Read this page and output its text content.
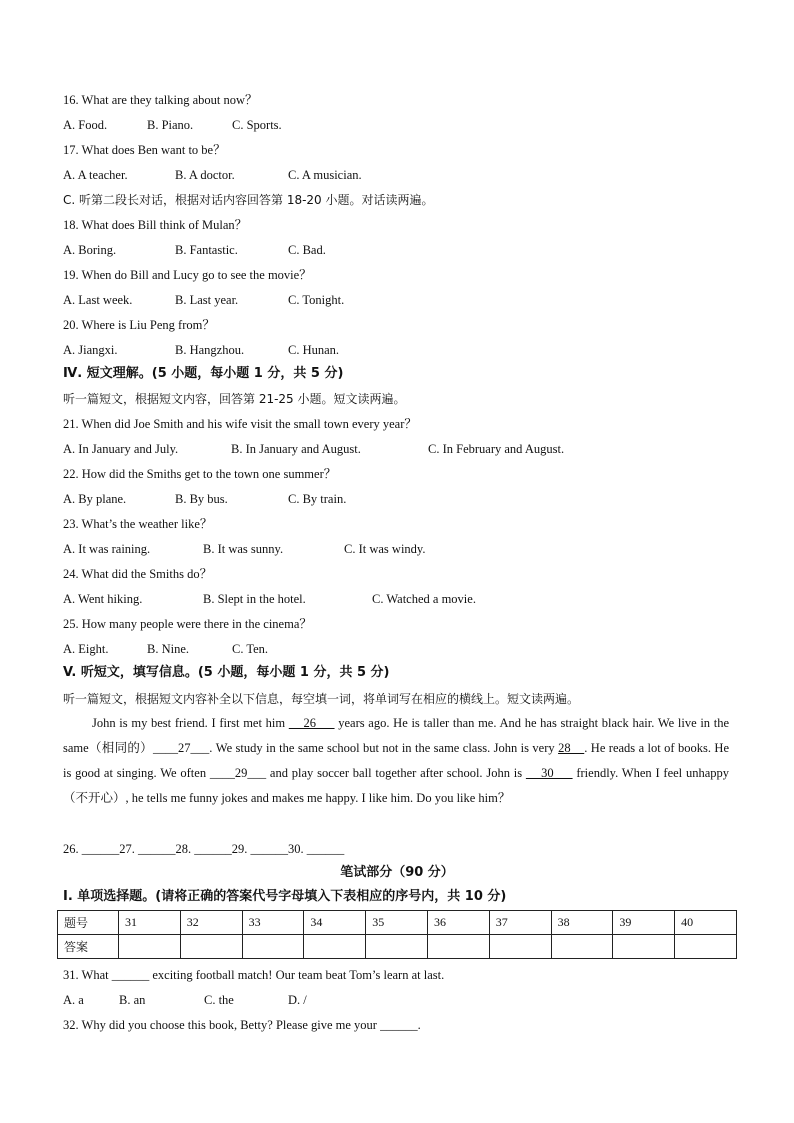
16. What are they talking about now？
A. Food.	B. Piano.	C. Sports.
17. What does Ben want to be？
A. A teacher.	B. A doctor.	C. A musician.
C. 听第二段长对话，根据对话内容回答第 18-20 小题。对话读两遍。
18. What does Bill think of Mulan？
A. Boring.	B. Fantastic.	C. Bad.
19. When do Bill and Lucy go to see the movie？
A. Last week.	B. Last year.	C. Tonight.
20. Where is Liu Peng from？
A. Jiangxi.	B. Hangzhou.	C. Hunan.
Ⅳ. 短文理解。(5 小题，每小题 1 分，共 5 分)
听一篇短文，根据短文内容，回答第 21-25 小题。短文读两遍。
21. When did Joe Smith and his wife visit the small town every year？
A. In January and July.	B. In January and August.	C. In February and August.
22. How did the Smiths get to the town one summer？
A. By plane.	B. By bus.	C. By train.
23. What’s the weather like？
A. It was raining.	B. It was sunny.	C. It was windy.
24. What did the Smiths do？
A. Went hiking.	B. Slept in the hotel.	C. Watched a movie.
25. How many people were there in the cinema？
A. Eight.	B. Nine.	C. Ten.
V. 听短文，填写信息。(5 小题，每小题 1 分，共 5 分)
听一篇短文，根据短文内容补全以下信息，每空填一词，将单词写在相应的横线上。短文读两遍。
John is my best friend. I first met him     26      years ago. He is taller than me. And he has straight black hair. We live in the same（相同的）____27___. We study in the same school but not in the same class. John is very 28    . He reads a lot of books. He is good at singing. We often ____29___ and play soccer ball together after school. John is     30      friendly. When I feel unhappy（不开心）, he tells me funny jokes and makes me happy. I like him. Do you like him？
26. ______27. ______28. ______29. ______30. ______
笔试部分（90 分）
Ⅰ. 单项选择题。(请将正确的答案代号字母填入下表相应的序号内，共 10 分)
题号	31	32	33	34	35	36	37	38	39	40
答案										
31. What ______ exciting football match! Our team beat Tom’s learn at last.
A. a	B. an	C. the	D. /
32. Why did you choose this book, Betty? Please give me your ______.
